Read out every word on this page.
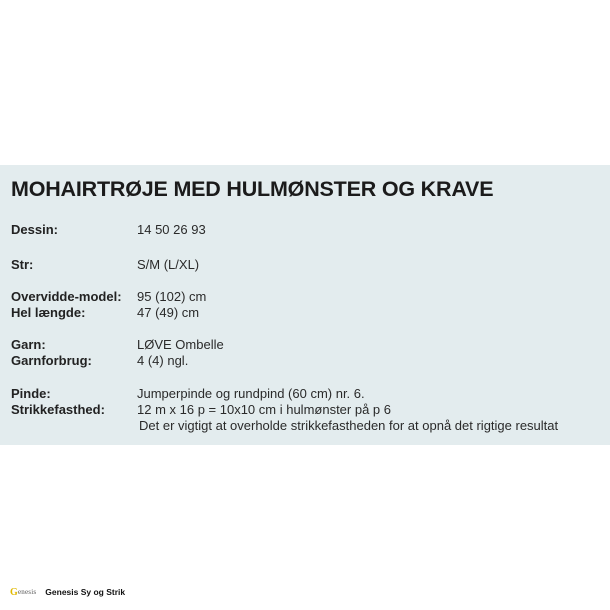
MOHAIRTRØJE MED HULMØNSTER OG KRAVE
Dessin:	14 50 26 93
Str:	S/M (L/XL)
Overvidde-model: 95 (102) cm
Hel længde:	47 (49) cm
Garn:	LØVE Ombelle
Garnforbrug:	4 (4) ngl.
Pinde:	Jumperpinde og rundpind (60 cm) nr. 6.
Strikkefasthed: 12 m x 16 p = 10x10 cm i hulmønster på p 6
Det er vigtigt at overholde strikkefastheden for at opnå det rigtige resultat
G enesis Genesis Sy og Strik
